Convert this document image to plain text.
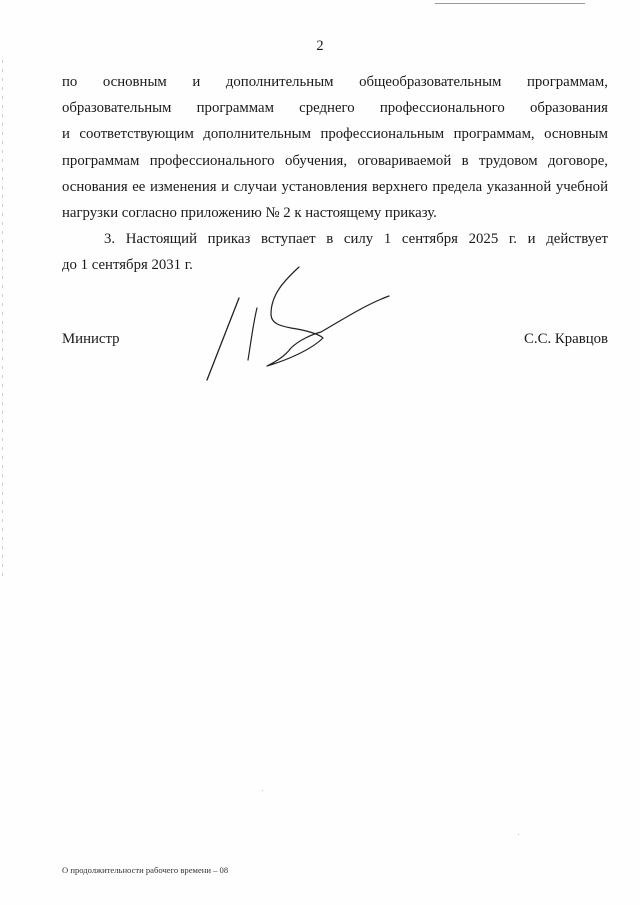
2
по основным и дополнительным общеобразовательным программам,
образовательным программам среднего профессионального образования
и соответствующим дополнительным профессиональным программам, основным
программам профессионального обучения, оговариваемой в трудовом договоре,
основания ее изменения и случаи установления верхнего предела указанной учебной
нагрузки согласно приложению № 2 к настоящему приказу.
3. Настоящий приказ вступает в силу 1 сентября 2025 г. и действует
до 1 сентября 2031 г.
Министр	С.С. Кравцов
О продолжительности рабочего времени – 08
